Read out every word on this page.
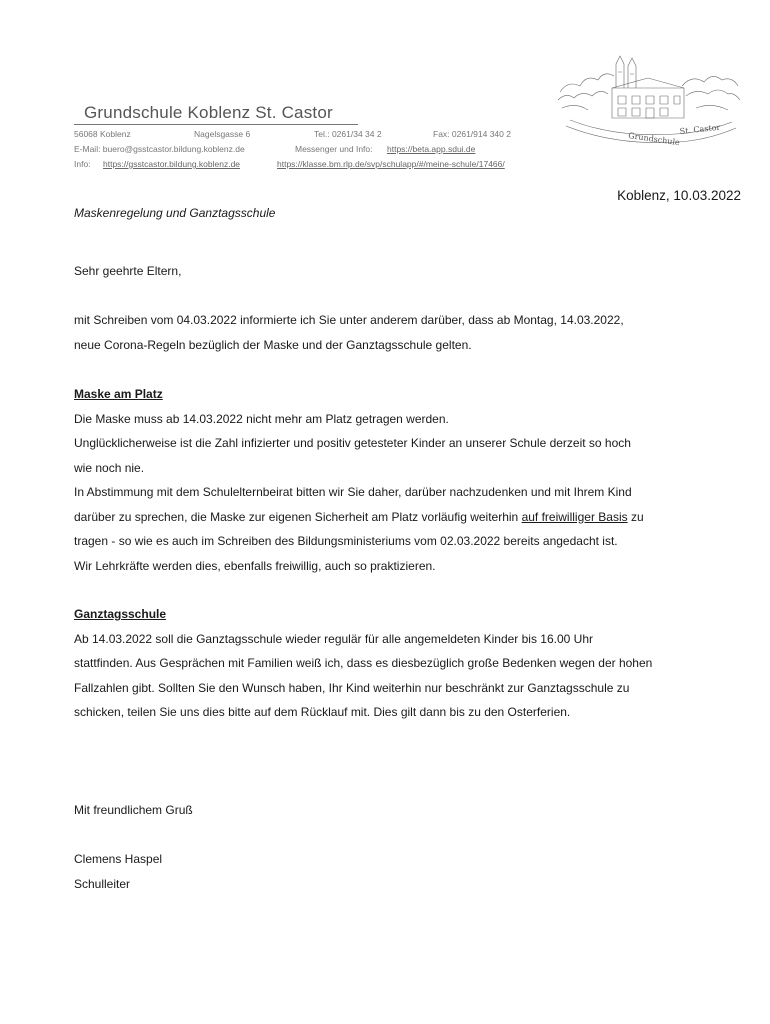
Grundschule Koblenz St. Castor
56068 Koblenz	Nagelsgasse 6	Tel.: 0261/34 34 2	Fax: 0261/914 340 2
E-Mail: buero@gsstcastor.bildung.koblenz.de	Messenger und Info: https://beta.app.sdui.de
Info: https://gsstcastor.bildung.koblenz.de	https://klasse.bm.rlp.de/svp/schulapp/#/meine-schule/17466/
Grundschule
St. Castor
Koblenz, 10.03.2022
Maskenregelung und Ganztagsschule

Sehr geehrte Eltern,

mit Schreiben vom 04.03.2022 informierte ich Sie unter anderem darüber, dass ab Montag, 14.03.2022,
neue Corona-Regeln bezüglich der Maske und der Ganztagsschule gelten.
Maske am Platz
Die Maske muss ab 14.03.2022 nicht mehr am Platz getragen werden.
Unglücklicherweise ist die Zahl infizierter und positiv getesteter Kinder an unserer Schule derzeit so hoch
wie noch nie.
In Abstimmung mit dem Schulelternbeirat bitten wir Sie daher, darüber nachzudenken und mit Ihrem Kind
darüber zu sprechen, die Maske zur eigenen Sicherheit am Platz vorläufig weiterhin auf freiwilliger Basis zu
tragen - so wie es auch im Schreiben des Bildungsministeriums vom 02.03.2022 bereits angedacht ist.
Wir Lehrkräfte werden dies, ebenfalls freiwillig, auch so praktizieren.
Ganztagsschule
Ab 14.03.2022 soll die Ganztagsschule wieder regulär für alle angemeldeten Kinder bis 16.00 Uhr
stattfinden. Aus Gesprächen mit Familien weiß ich, dass es diesbezüglich große Bedenken wegen der hohen
Fallzahlen gibt. Sollten Sie den Wunsch haben, Ihr Kind weiterhin nur beschränkt zur Ganztagsschule zu
schicken, teilen Sie uns dies bitte auf dem Rücklauf mit. Dies gilt dann bis zu den Osterferien.

Mit freundlichem Gruß

Clemens Haspel

Schulleiter
